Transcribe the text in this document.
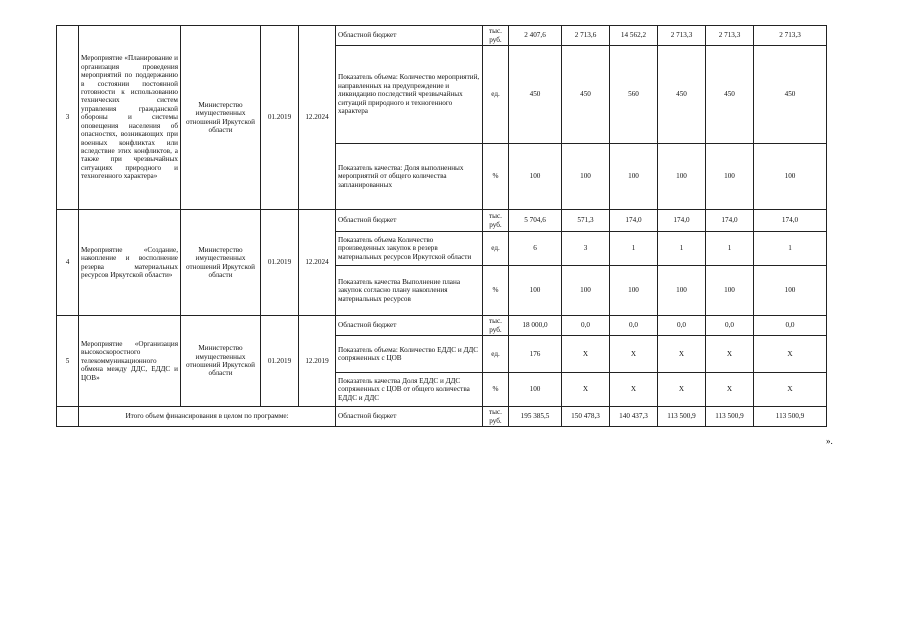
3	Мероприятие «Планирование и организация проведения мероприятий по поддержанию в состоянии постоянной готовности к использованию технических систем управления гражданской обороны и системы оповещения населения об опасностях, возникающих при военных конфликтах или вследствие этих конфликтов, а также при чрезвычайных ситуациях природного и техногенного характера»	Министерство имущественных отношений Иркутской области	01.2019	12.2024	Областной бюджет	тыс. руб.	2 407,6	2 713,6	14 562,2	2 713,3	2 713,3	2 713,3
					Показатель объема: Количество мероприятий, направленных на предупреждение и ликвидацию последствий чрезвычайных ситуаций природного и техногенного характера	ед.	450	450	560	450	450	450
					Показатель качества: Доля выполненных мероприятий от общего количества запланированных	%	100	100	100	100	100	100
4	Мероприятие «Создание, накопление и восполнение резерва материальных ресурсов Иркутской области»	Министерство имущественных отношений Иркутской области	01.2019	12.2024	Областной бюджет	тыс. руб.	5 704,6	571,3	174,0	174,0	174,0	174,0
					Показатель объема Количество произведенных закупок в резерв материальных ресурсов Иркутской области	ед.	6	3	1	1	1	1
					Показатель качества Выполнение плана закупок согласно плану накопления материальных ресурсов	%	100	100	100	100	100	100
5	Мероприятие «Организация высокоскоростного телекоммуникационного обмена между ДДС, ЕДДС и ЦОВ»	Министерство имущественных отношений Иркутской области	01.2019	12.2019	Областной бюджет	тыс. руб.	18 000,0	0,0	0,0	0,0	0,0	0,0
					Показатель объема: Количество ЕДДС и ДДС сопряженных с ЦОВ	ед.	176	X	X	X	X	X
					Показатель качества Доля ЕДДС и ДДС сопряженных с ЦОВ от общего количества ЕДДС и ДДС	%	100	X	X	X	X	X
	Итого объем финансирования в целом по программе:				Областной бюджет	тыс. руб.	195 385,5	150 478,3	140 437,3	113 500,9	113 500,9	113 500,9
».
